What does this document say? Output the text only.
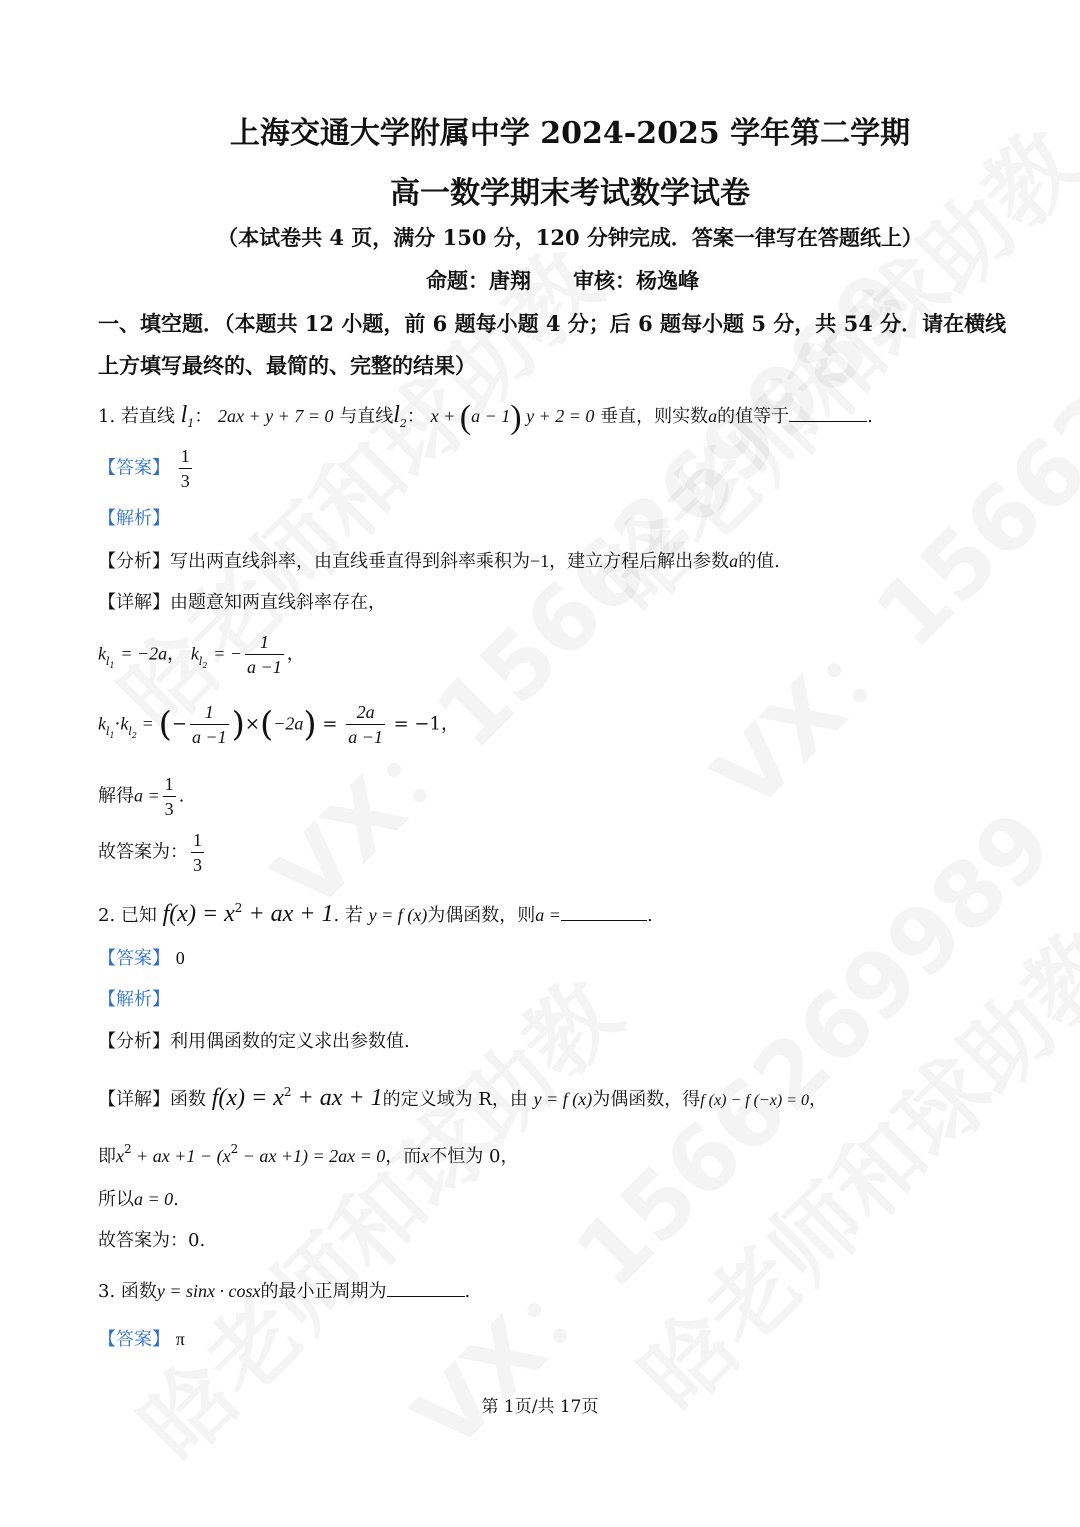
上海交通大学附属中学 2024-2025 学年第二学期
高一数学期末考试数学试卷
（本试卷共 4 页，满分 150 分，120 分钟完成．答案一律写在答题纸上）
命题：唐翔　　审核：杨逸峰
一、填空题．（本题共 12 小题，前 6 题每小题 4 分；后 6 题每小题 5 分，共 54 分．请在横线
上方填写最终的、最简的、完整的结果）
1. 若直线 $l_1$： 2ax + y + 7 = 0 与直线$l_2$： x + (a − 1) y + 2 = 0 垂直，则实数a的值等于	.
【答案】 $\frac{1}{3}$
【解析】
【分析】写出两直线斜率，由直线垂直得到斜率乘积为−1，建立方程后解出参数a的值.
【详解】由题意知两直线斜率存在，
$k_{l_1} = -2a$， $k_{l_2}$ = − $\frac{1}{a -1}$ ，
$k_{l_1}\cdot k_{l_2}$ = (− $\frac{1}{a -1} )\times(-2a) = \frac{2a}{a -1} = -1$，
解得$a = \frac{1}{3}$ .
故答案为： $\frac{1}{3}$
2. 已知 $f(x) = x^2$ + ax + 1. 若 y = f (x)为偶函数，则a =	.
【答案】 0
【解析】
【分析】利用偶函数的定义求出参数值.
【详解】函数 $f(x) = x^2$ + ax + 1的定义域为 R，由 y = f (x)为偶函数，得f (x) − f (−x) = 0，
即$x^2$ + ax $+1 - (x^2$ − ax +1) = 2ax = 0，而x不恒为 0，
所以a = 0.
故答案为：0.
3. 函数y = sinx · cosx的最小正周期为	.
【答案】 π
第 1页/共 17页
